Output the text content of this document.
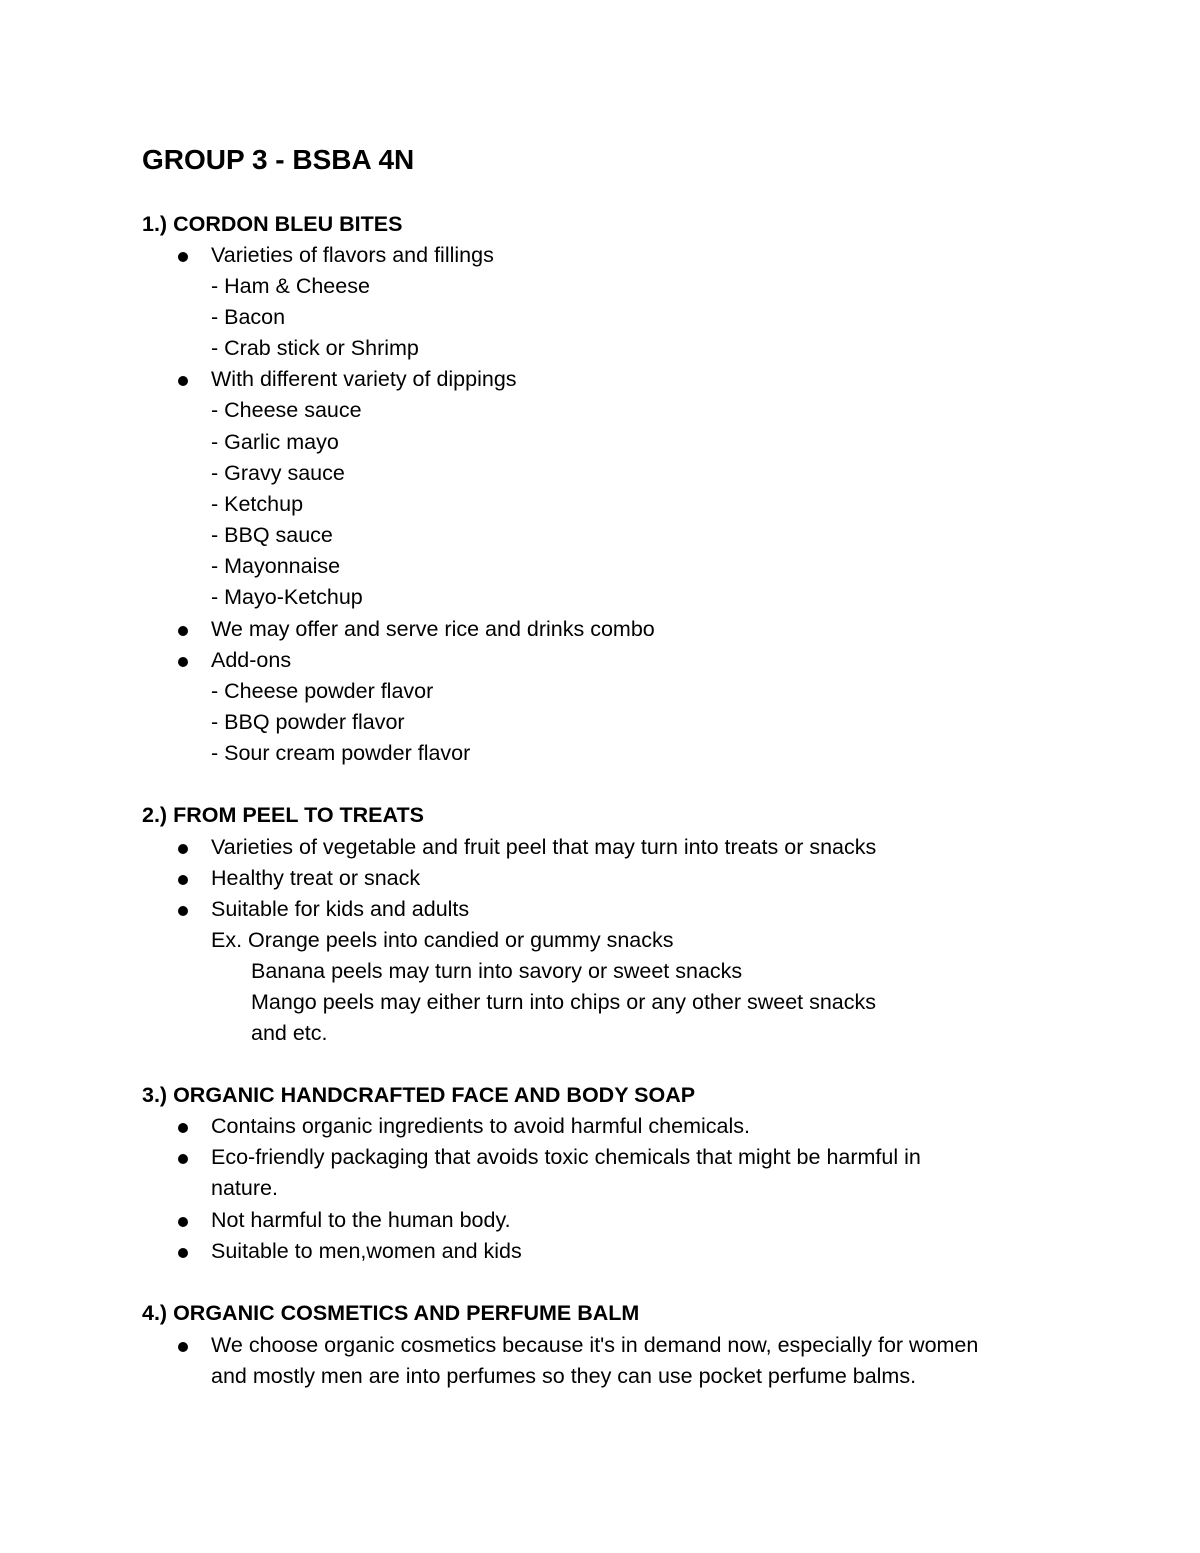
GROUP 3 - BSBA 4N
1.) CORDON BLEU BITES
Varieties of flavors and fillings
- Ham & Cheese
- Bacon
- Crab stick or Shrimp
With different variety of dippings
- Cheese sauce
- Garlic mayo
- Gravy sauce
- Ketchup
- BBQ sauce
- Mayonnaise
- Mayo-Ketchup
We may offer and serve rice and drinks combo
Add-ons
- Cheese powder flavor
- BBQ powder flavor
- Sour cream powder flavor
2.) FROM PEEL TO TREATS
Varieties of vegetable and fruit peel that may turn into treats or snacks
Healthy treat or snack
Suitable for kids and adults
Ex. Orange peels into candied or gummy snacks
Banana peels may turn into savory or sweet snacks
Mango peels may either turn into chips or any other sweet snacks
and etc.
3.) ORGANIC HANDCRAFTED FACE AND BODY SOAP
Contains organic ingredients to avoid harmful chemicals.
Eco-friendly packaging that avoids toxic chemicals that might be harmful in
nature.
Not harmful to the human body.
Suitable to men,women and kids
4.) ORGANIC COSMETICS AND PERFUME BALM
We choose organic cosmetics because it's in demand now, especially for women
and mostly men are into perfumes so they can use pocket perfume balms.
